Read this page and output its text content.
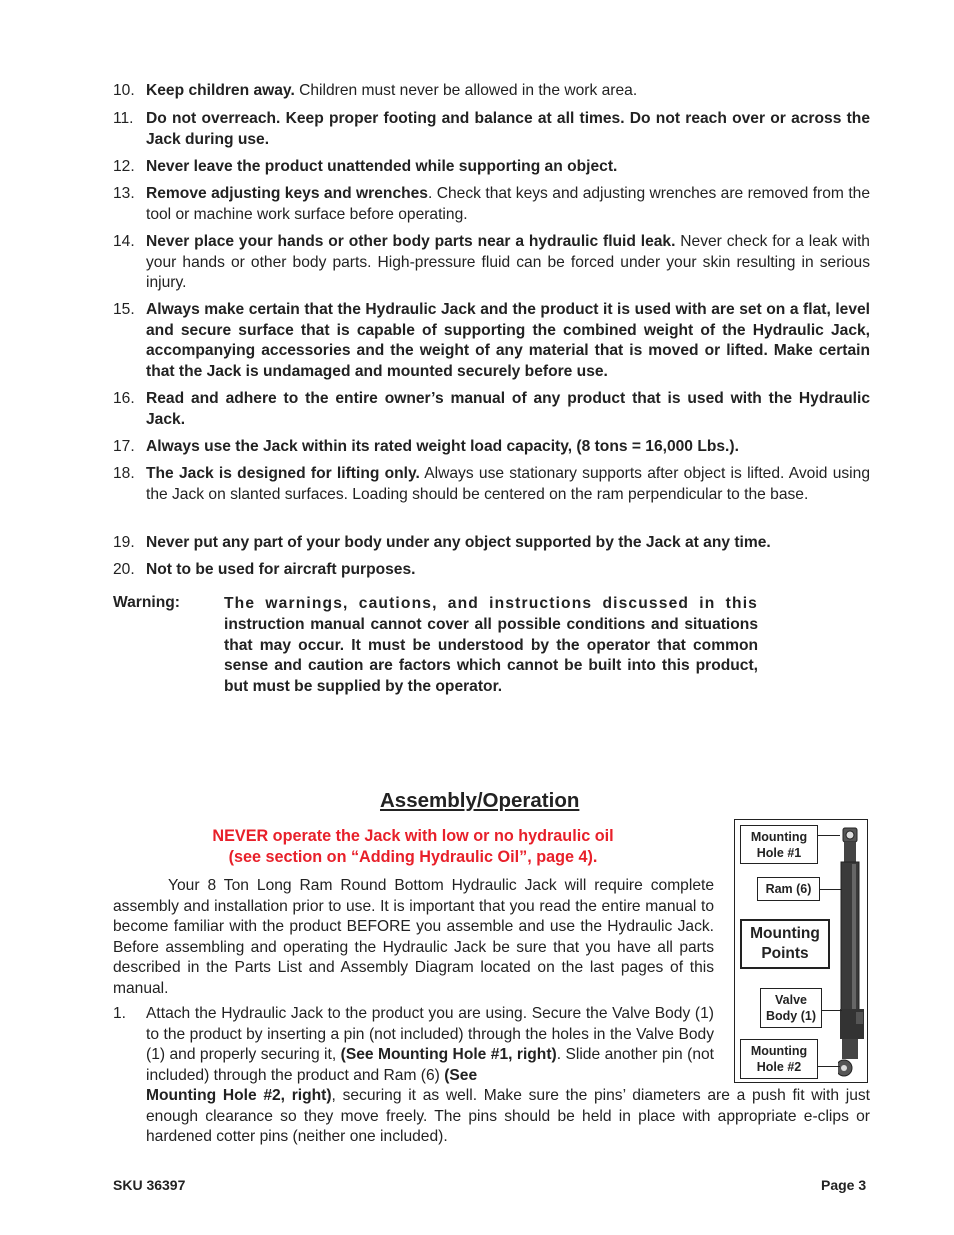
10. Keep children away. Children must never be allowed in the work area.
11. Do not overreach. Keep proper footing and balance at all times. Do not reach over or across the Jack during use.
12. Never leave the product unattended while supporting an object.
13. Remove adjusting keys and wrenches. Check that keys and adjusting wrenches are removed from the tool or machine work surface before operating.
14. Never place your hands or other body parts near a hydraulic fluid leak. Never check for a leak with your hands or other body parts. High-pressure fluid can be forced under your skin resulting in serious injury.
15. Always make certain that the Hydraulic Jack and the product it is used with are set on a flat, level and secure surface that is capable of supporting the combined weight of the Hydraulic Jack, accompanying accessories and the weight of any material that is moved or lifted. Make certain that the Jack is undamaged and mounted securely before use.
16. Read and adhere to the entire owner’s manual of any product that is used with the Hydraulic Jack.
17. Always use the Jack within its rated weight load capacity, (8 tons = 16,000 Lbs.).
18. The Jack is designed for lifting only. Always use stationary supports after object is lifted. Avoid using the Jack on slanted surfaces. Loading should be centered on the ram perpendicular to the base.
19. Never put any part of your body under any object supported by the Jack at any time.
20. Not to be used for aircraft purposes.
Warning:	The warnings, cautions, and instructions discussed in this instruction manual cannot cover all possible conditions and situations that may occur. It must be understood by the operator that common sense and caution are factors which cannot be built into this product, but must be supplied by the operator.
Assembly/Operation
NEVER operate the Jack with low or no hydraulic oil
(see section on “Adding Hydraulic Oil”, page 4).
Your 8 Ton Long Ram Round Bottom Hydraulic Jack will require complete assembly and installation prior to use. It is important that you read the entire manual to become familiar with the product BEFORE you assemble and use the Hydraulic Jack. Before assembling and operating the Hydraulic Jack be sure that you have all parts described in the Parts List and Assembly Diagram located on the last pages of this manual.
1. Attach the Hydraulic Jack to the product you are using. Secure the Valve Body (1) to the product by inserting a pin (not included) through the holes in the Valve Body (1) and properly securing it, (See Mounting Hole #1, right). Slide another pin (not included) through the product and Ram (6) (See
Mounting Hole #2, right), securing it as well. Make sure the pins’ diameters are a push fit with just enough clearance so they move freely. The pins should be held in place with appropriate e-clips or hardened cotter pins (neither one included).
Mounting
Hole #1
Ram (6)
Mounting
Points
Valve
Body (1)
Mounting
Hole #2
SKU 36397	Page 3
